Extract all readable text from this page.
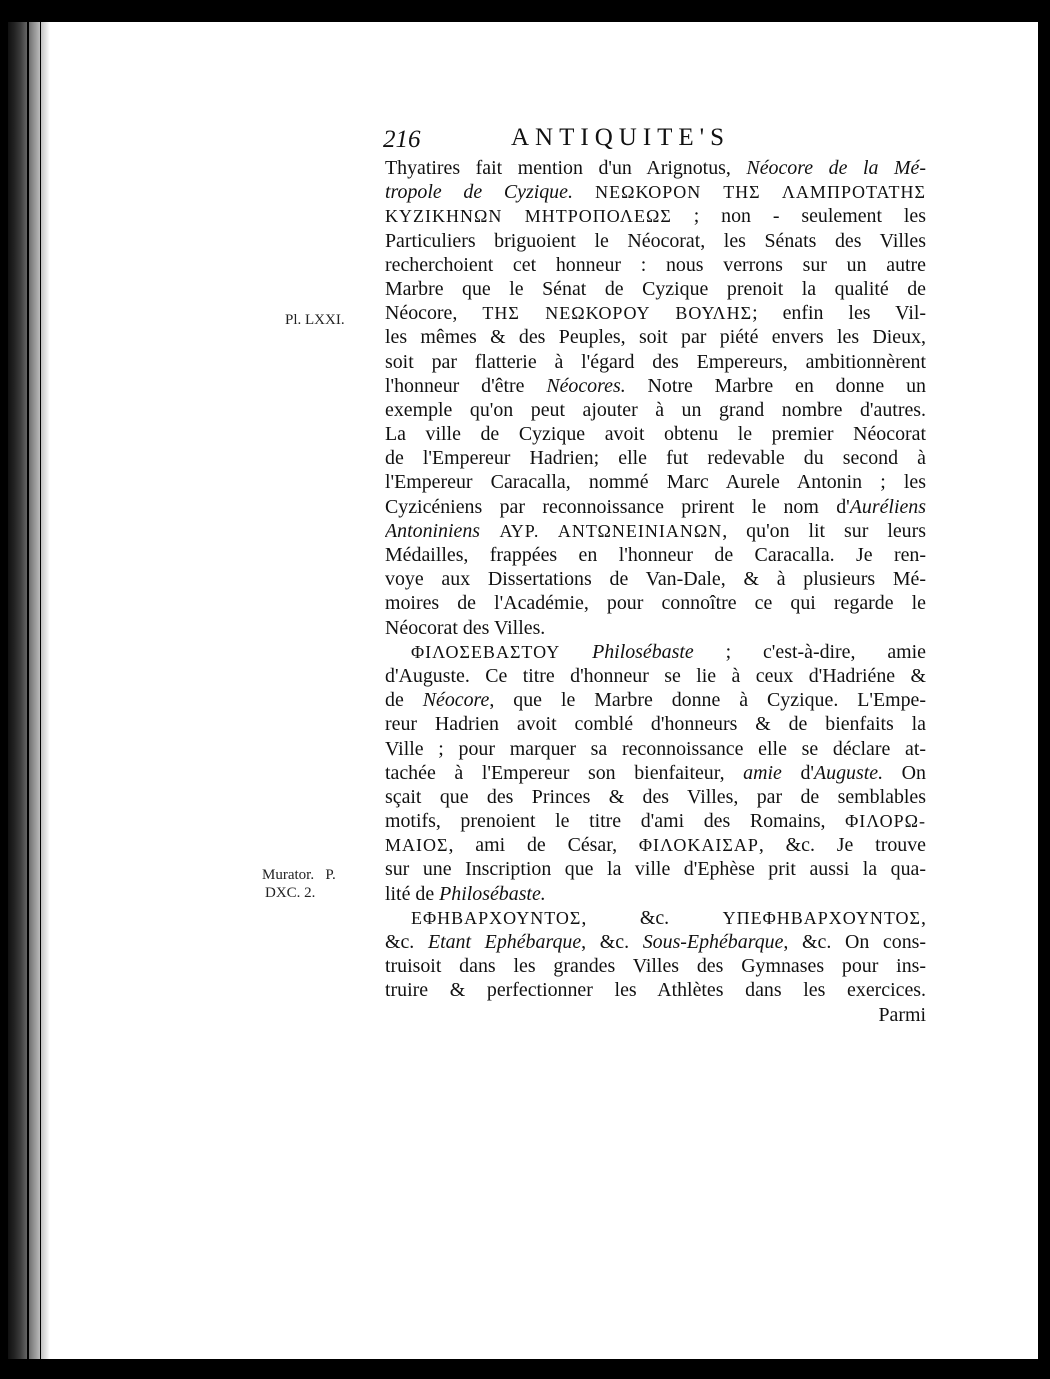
216	ANTIQUITE'S
Pl. LXXI.
Murator.   P.
DXC. 2.
Thyatires fait mention d'un Arignotus, Néocore de la Mé-
tropole de Cyzique. ΝΕΩΚΟΡΟΝ ΤΗΣ ΛΑΜΠΡΟΤΑΤΗΣ
ΚΥΖΙΚΗΝΩΝ ΜΗΤΡΟΠΟΛΕΩΣ ; non - seulement les
Particuliers briguoient le Néocorat, les Sénats des Villes
recherchoient cet honneur : nous verrons sur un autre
Marbre que le Sénat de Cyzique prenoit la qualité de
Néocore, ΤΗΣ ΝΕΩΚΟΡΟΥ ΒΟΥΛΗΣ; enfin les Vil-
les mêmes & des Peuples, soit par piété envers les Dieux,
soit par flatterie à l'égard des Empereurs, ambitionnèrent
l'honneur d'être Néocores. Notre Marbre en donne un
exemple qu'on peut ajouter à un grand nombre d'autres.
La ville de Cyzique avoit obtenu le premier Néocorat
de l'Empereur Hadrien; elle fut redevable du second à
l'Empereur Caracalla, nommé Marc Aurele Antonin ; les
Cyzicéniens par reconnoissance prirent le nom d'Auréliens
Antoniniens ΑΥΡ. ΑΝΤΩΝΕΙΝΙΑΝΩΝ, qu'on lit sur leurs
Médailles, frappées en l'honneur de Caracalla. Je ren-
voye aux Dissertations de Van-Dale, & à plusieurs Mé-
moires de l'Académie, pour connoître ce qui regarde le
Néocorat des Villes.
ΦΙΛΟΣΕΒΑΣΤΟΥ Philosébaste ; c'est-à-dire, amie
d'Auguste. Ce titre d'honneur se lie à ceux d'Hadriéne &
de Néocore, que le Marbre donne à Cyzique. L'Empe-
reur Hadrien avoit comblé d'honneurs & de bienfaits la
Ville ; pour marquer sa reconnoissance elle se déclare at-
tachée à l'Empereur son bienfaiteur, amie d'Auguste. On
sçait que des Princes & des Villes, par de semblables
motifs, prenoient le titre d'ami des Romains, ΦΙΛΟΡΩ-
ΜΑΙΟΣ, ami de César, ΦΙΛΟΚΑΙΣΑΡ, &c. Je trouve
sur une Inscription que la ville d'Ephèse prit aussi la qua-
lité de Philosébaste.
ΕΦΗΒΑΡΧΟΥΝΤΟΣ, &c. ΥΠΕΦΗΒΑΡΧΟΥΝΤΟΣ,
&c. Etant Ephébarque, &c. Sous-Ephébarque, &c. On cons-
truisoit dans les grandes Villes des Gymnases pour ins-
truire & perfectionner les Athlètes dans les exercices.
Parmi
